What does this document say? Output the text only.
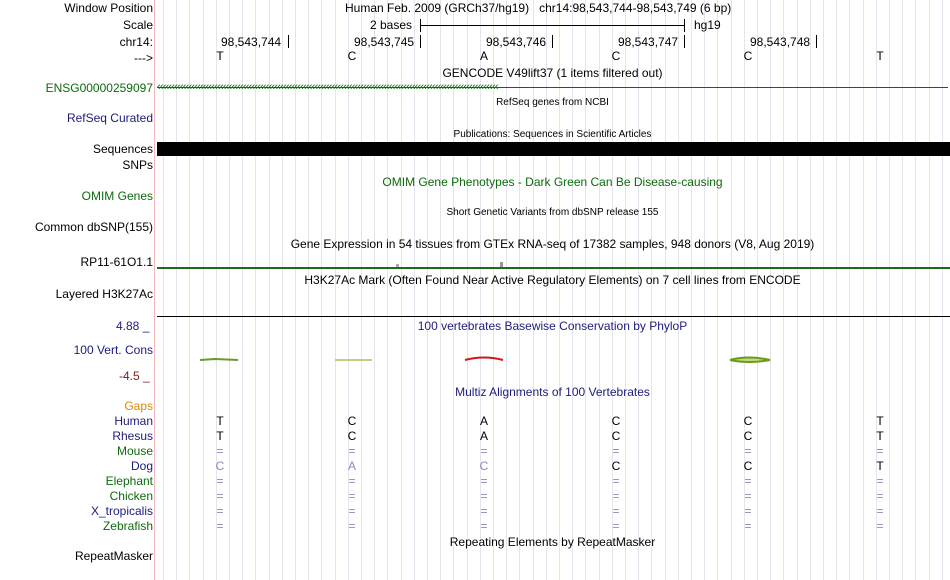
Window Position	Human Feb. 2009 (GRCh37/hg19)   chr14:98,543,744-98,543,749 (6 bp)
Scale	2 bases	hg19
chr14:	98,543,744	98,543,745	98,543,746	98,543,747	98,543,748
--->	T	C	A	C	C	T
GENCODE V49lift37 (1 items filtered out)
ENSG00000259097 ‹‹‹‹‹‹‹‹‹‹‹‹‹‹‹‹‹‹‹‹‹‹‹‹‹‹‹‹‹‹‹‹‹‹‹‹‹‹‹‹‹‹‹‹‹‹‹‹‹‹‹‹‹‹‹‹‹‹‹‹‹‹‹‹‹‹‹‹‹‹‹‹‹‹‹‹‹‹‹‹‹‹‹‹‹‹‹‹‹‹‹‹‹‹‹‹‹‹‹‹‹‹‹‹‹‹‹‹‹‹‹‹‹‹‹‹‹‹‹
RefSeq genes from NCBI
RefSeq Curated
Publications: Sequences in Scientific Articles
Sequences
SNPs
OMIM Gene Phenotypes - Dark Green Can Be Disease-causing
OMIM Genes
Short Genetic Variants from dbSNP release 155
Common dbSNP(155)
Gene Expression in 54 tissues from GTEx RNA-seq of 17382 samples, 948 donors (V8, Aug 2019)
RP11-61O1.1
H3K27Ac Mark (Often Found Near Active Regulatory Elements) on 7 cell lines from ENCODE
Layered H3K27Ac
100 vertebrates Basewise Conservation by PhyloP
4.88 _
100 Vert. Cons
-4.5 _
Multiz Alignments of 100 Vertebrates
Gaps
Human	T	C	A	C	C	T
Rhesus	T	C	A	C	C	T
Mouse	=	=	=	=	=	=
Dog	C	A	C	C	C	T
Elephant	=	=	=	=	=	=
Chicken	=	=	=	=	=	=
X_tropicalis	=	=	=	=	=	=
Zebrafish	=	=	=	=	=	=
Repeating Elements by RepeatMasker
RepeatMasker
